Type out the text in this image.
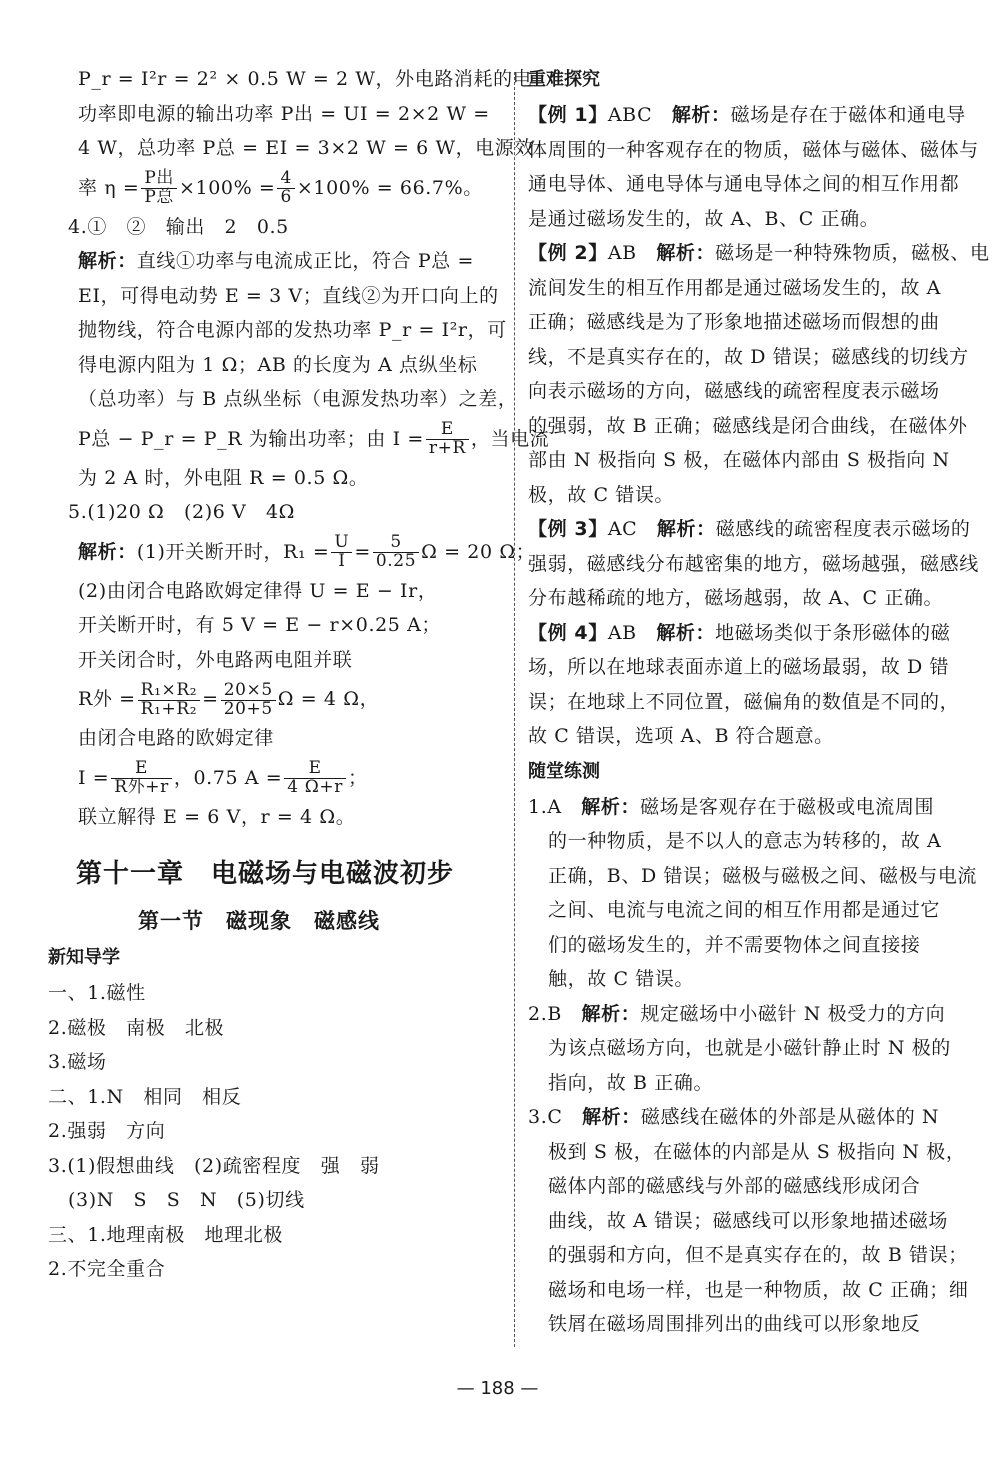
P_r = I²r = 2² × 0.5 W = 2 W，外电路消耗的电
功率即电源的输出功率 P出 = UI = 2×2 W =
4 W，总功率 P总 = EI = 3×2 W = 6 W，电源效
率 $\eta = \frac{\text{P出}}{\text{P总}} \times 100\% = \frac{4}{6} \times 100\% = 66.7\%$。
4.①　②　输出　2　0.5
解析：直线①功率与电流成正比，符合 P总 =
EI，可得电动势 E = 3 V；直线②为开口向上的
抛物线，符合电源内部的发热功率 P_r = I²r，可
得电源内阻为 1 Ω；AB 的长度为 A 点纵坐标
（总功率）与 B 点纵坐标（电源发热功率）之差，
P总 − P_r = P_R 为输出功率；由 $I = \frac{E}{r+R}$ ，当电流
为 2 A 时，外电阻 R = 0.5 Ω。
5.(1)20 Ω　(2)6 V　4Ω
解析：(1)开关断开时，$R_1 = \frac{U}{I} = \frac{5}{0.25}$ Ω = 20 Ω；
(2)由闭合电路欧姆定律得 U = E − Ir，
开关断开时，有 5 V = E − r×0.25 A；
开关闭合时，外电路两电阻并联
R外 = $\frac{\text{R₁×R₂}}{\text{R₁+R₂}} = \frac{20\times 5}{20+5}$ Ω = 4 Ω，
由闭合电路的欧姆定律
$I = \frac{E}{\text{R外+r}}$ ，0.75 $A = \frac{E}{4 \Omega+r}$ ；
联立解得 E = 6 V，r = 4 Ω。
第十一章　电磁场与电磁波初步
第一节　磁现象　磁感线
新知导学
一、1.磁性
2.磁极　南极　北极
3.磁场
二、1.N　相同　相反
2.强弱　方向
3.(1)假想曲线　(2)疏密程度　强　弱
(3)N　S　S　N　(5)切线
三、1.地理南极　地理北极
2.不完全重合
重难探究
【例 1】ABC　解析：磁场是存在于磁体和通电导
体周围的一种客观存在的物质，磁体与磁体、磁体与
通电导体、通电导体与通电导体之间的相互作用都
是通过磁场发生的，故 A、B、C 正确。
【例 2】AB　解析：磁场是一种特殊物质，磁极、电
流间发生的相互作用都是通过磁场发生的，故 A
正确；磁感线是为了形象地描述磁场而假想的曲
线，不是真实存在的，故 D 错误；磁感线的切线方
向表示磁场的方向，磁感线的疏密程度表示磁场
的强弱，故 B 正确；磁感线是闭合曲线，在磁体外
部由 N 极指向 S 极，在磁体内部由 S 极指向 N
极，故 C 错误。
【例 3】AC　解析：磁感线的疏密程度表示磁场的
强弱，磁感线分布越密集的地方，磁场越强，磁感线
分布越稀疏的地方，磁场越弱，故 A、C 正确。
【例 4】AB　解析：地磁场类似于条形磁体的磁
场，所以在地球表面赤道上的磁场最弱，故 D 错
误；在地球上不同位置，磁偏角的数值是不同的，
故 C 错误，选项 A、B 符合题意。
随堂练测
1.A　解析：磁场是客观存在于磁极或电流周围
的一种物质，是不以人的意志为转移的，故 A
正确，B、D 错误；磁极与磁极之间、磁极与电流
之间、电流与电流之间的相互作用都是通过它
们的磁场发生的，并不需要物体之间直接接
触，故 C 错误。
2.B　解析：规定磁场中小磁针 N 极受力的方向
为该点磁场方向，也就是小磁针静止时 N 极的
指向，故 B 正确。
3.C　解析：磁感线在磁体的外部是从磁体的 N
极到 S 极，在磁体的内部是从 S 极指向 N 极，
磁体内部的磁感线与外部的磁感线形成闭合
曲线，故 A 错误；磁感线可以形象地描述磁场
的强弱和方向，但不是真实存在的，故 B 错误；
磁场和电场一样，也是一种物质，故 C 正确；细
铁屑在磁场周围排列出的曲线可以形象地反
— 188 —
